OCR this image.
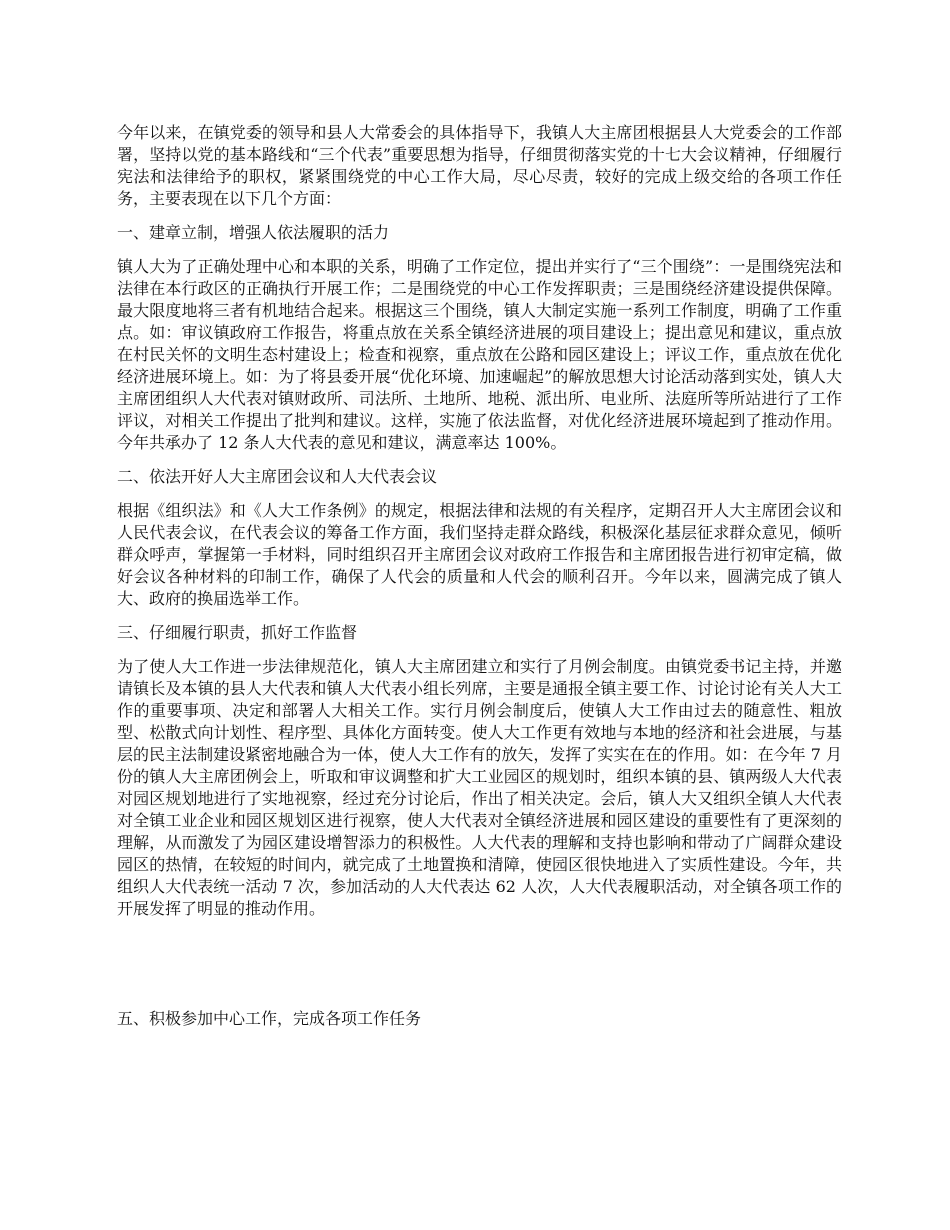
今年以来，在镇党委的领导和县人大常委会的具体指导下，我镇人大主席团根据县人大党委会的工作部署，坚持以党的基本路线和“三个代表”重要思想为指导，仔细贯彻落实党的十七大会议精神，仔细履行宪法和法律给予的职权，紧紧围绕党的中心工作大局，尽心尽责，较好的完成上级交给的各项工作任务，主要表现在以下几个方面：

一、建章立制，增强人依法履职的活力

镇人大为了正确处理中心和本职的关系，明确了工作定位，提出并实行了“三个围绕”：一是围绕宪法和法律在本行政区的正确执行开展工作；二是围绕党的中心工作发挥职责；三是围绕经济建设提供保障。最大限度地将三者有机地结合起来。根据这三个围绕，镇人大制定实施一系列工作制度，明确了工作重点。如：审议镇政府工作报告，将重点放在关系全镇经济进展的项目建设上；提出意见和建议，重点放在村民关怀的文明生态村建设上；检查和视察，重点放在公路和园区建设上；评议工作，重点放在优化经济进展环境上。如：为了将县委开展“优化环境、加速崛起”的解放思想大讨论活动落到实处，镇人大主席团组织人大代表对镇财政所、司法所、土地所、地税、派出所、电业所、法庭所等所站进行了工作评议，对相关工作提出了批判和建议。这样，实施了依法监督，对优化经济进展环境起到了推动作用。今年共承办了 12 条人大代表的意见和建议，满意率达 100%。

二、依法开好人大主席团会议和人大代表会议

根据《组织法》和《人大工作条例》的规定，根据法律和法规的有关程序，定期召开人大主席团会议和人民代表会议，在代表会议的筹备工作方面，我们坚持走群众路线，积极深化基层征求群众意见，倾听群众呼声，掌握第一手材料，同时组织召开主席团会议对政府工作报告和主席团报告进行初审定稿，做好会议各种材料的印制工作，确保了人代会的质量和人代会的顺利召开。今年以来，圆满完成了镇人大、政府的换届选举工作。

三、仔细履行职责，抓好工作监督

为了使人大工作进一步法律规范化，镇人大主席团建立和实行了月例会制度。由镇党委书记主持，并邀请镇长及本镇的县人大代表和镇人大代表小组长列席，主要是通报全镇主要工作、讨论讨论有关人大工作的重要事项、决定和部署人大相关工作。实行月例会制度后，使镇人大工作由过去的随意性、粗放型、松散式向计划性、程序型、具体化方面转变。使人大工作更有效地与本地的经济和社会进展，与基层的民主法制建设紧密地融合为一体，使人大工作有的放矢，发挥了实实在在的作用。如：在今年 7 月份的镇人大主席团例会上，听取和审议调整和扩大工业园区的规划时，组织本镇的县、镇两级人大代表对园区规划地进行了实地视察，经过充分讨论后，作出了相关决定。会后，镇人大又组织全镇人大代表对全镇工业企业和园区规划区进行视察，使人大代表对全镇经济进展和园区建设的重要性有了更深刻的理解，从而激发了为园区建设增智添力的积极性。人大代表的理解和支持也影响和带动了广阔群众建设园区的热情，在较短的时间内，就完成了土地置换和清障，使园区很快地进入了实质性建设。今年，共组织人大代表统一活动 7 次，参加活动的人大代表达 62 人次，人大代表履职活动，对全镇各项工作的开展发挥了明显的推动作用。

五、积极参加中心工作，完成各项工作任务
